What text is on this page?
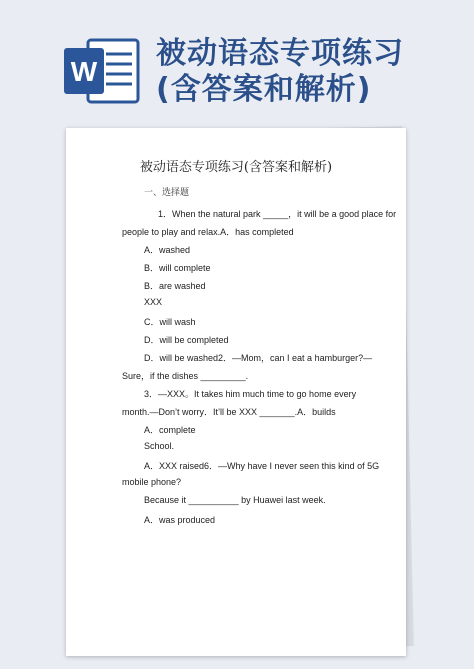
W
被动语态专项练习
(含答案和解析)
被动语态专项练习(含答案和解析)
一、选择题
1．When the natural park _____，it will be a good place for
people to play and relax.A．has completed
A．washed
B．will complete
B．are washed
XXX
C．will wash
D．will be completed
D．will be washed2．—Mom，can I eat a hamburger?—
Sure，if the dishes _________.
3．—XXX。It takes him much time to go home every
month.—Don’t worry．It’ll be XXX _______.A．builds
A．complete
School.
A．XXX raised6．—Why have I never seen this kind of 5G
mobile phone?
Because it __________ by Huawei last week.
A．was produced
